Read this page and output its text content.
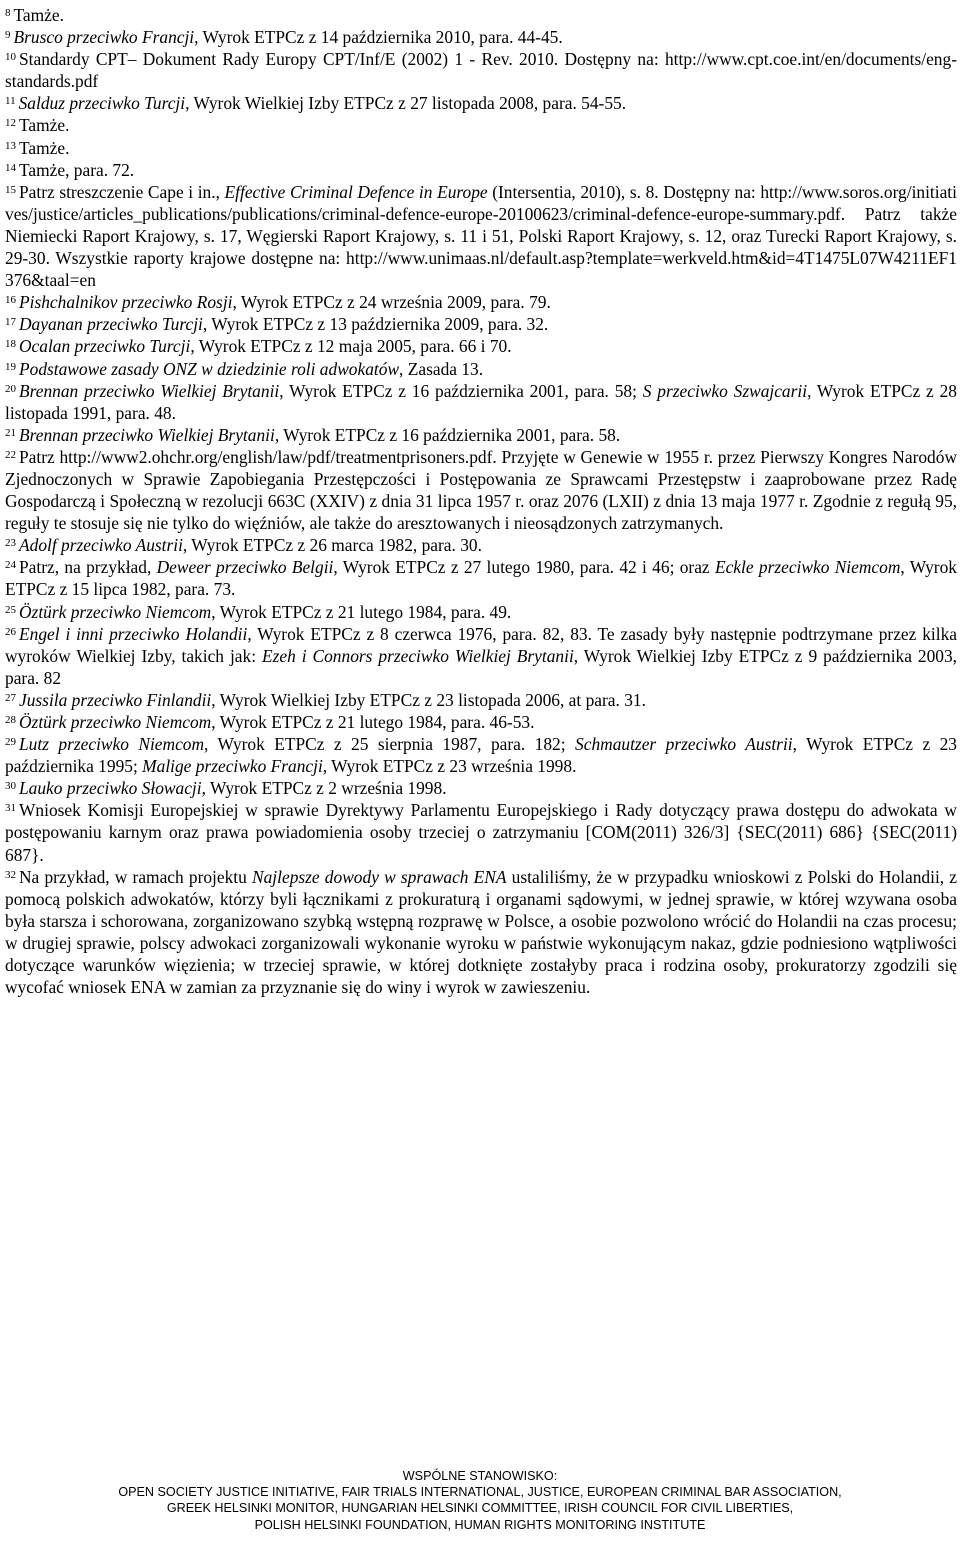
$^8$ Tamże.

$^9$ Brusco przeciwko Francji, Wyrok ETPCz z 14 października 2010, para. 44-45.

$^{10}$ Standardy CPT– Dokument Rady Europy CPT/Inf/E (2002) 1 - Rev. 2010. Dostępny na: http://www.cpt.coe.int/en/documents/eng-standards.pdf

$^{11}$ Salduz przeciwko Turcji, Wyrok Wielkiej Izby ETPCz z 27 listopada 2008, para. 54-55.

$^{12}$ Tamże.

$^{13}$ Tamże.

$^{14}$ Tamże, para. 72.

$^{15}$ Patrz streszczenie Cape i in., Effective Criminal Defence in Europe (Intersentia, 2010), s. 8. Dostępny na: http://www.soros.org/initiatives/justice/articles_publications/publications/criminal-defence-europe-20100623/criminal-defence-europe-summary.pdf. Patrz także Niemiecki Raport Krajowy, s. 17, Węgierski Raport Krajowy, s. 11 i 51, Polski Raport Krajowy, s. 12, oraz Turecki Raport Krajowy, s. 29-30. Wszystkie raporty krajowe dostępne na: http://www.unimaas.nl/default.asp?template=werkveld.htm&id=4T1475L07W4211EF1376&taal=en

$^{16}$ Pishchalnikov przeciwko Rosji, Wyrok ETPCz z 24 września 2009, para. 79.

$^{17}$ Dayanan przeciwko Turcji, Wyrok ETPCz z 13 października 2009, para. 32.

$^{18}$ Ocalan przeciwko Turcji, Wyrok ETPCz z 12 maja 2005, para. 66 i 70.

$^{19}$ Podstawowe zasady ONZ w dziedzinie roli adwokatów, Zasada 13.

$^{20}$ Brennan przeciwko Wielkiej Brytanii, Wyrok ETPCz z 16 października 2001, para. 58; S przeciwko Szwajcarii, Wyrok ETPCz z 28 listopada 1991, para. 48.

$^{21}$ Brennan przeciwko Wielkiej Brytanii, Wyrok ETPCz z 16 października 2001, para. 58.

$^{22}$ Patrz http://www2.ohchr.org/english/law/pdf/treatmentprisoners.pdf. Przyjęte w Genewie w 1955 r. przez Pierwszy Kongres Narodów Zjednoczonych w Sprawie Zapobiegania Przestępczości i Postępowania ze Sprawcami Przestępstw i zaaprobowane przez Radę Gospodarczą i Społeczną w rezolucji 663C (XXIV) z dnia 31 lipca 1957 r. oraz 2076 (LXII) z dnia 13 maja 1977 r. Zgodnie z regułą 95, reguły te stosuje się nie tylko do więźniów, ale także do aresztowanych i nieosądzonych zatrzymanych.

$^{23}$ Adolf przeciwko Austrii, Wyrok ETPCz z 26 marca 1982, para. 30.

$^{24}$ Patrz, na przykład, Deweer przeciwko Belgii, Wyrok ETPCz z 27 lutego 1980, para. 42 i 46; oraz Eckle przeciwko Niemcom, Wyrok ETPCz z 15 lipca 1982, para. 73.

$^{25}$ Öztürk przeciwko Niemcom, Wyrok ETPCz z 21 lutego 1984, para. 49.

$^{26}$ Engel i inni przeciwko Holandii, Wyrok ETPCz z 8 czerwca 1976, para. 82, 83. Te zasady były następnie podtrzymane przez kilka wyroków Wielkiej Izby, takich jak: Ezeh i Connors przeciwko Wielkiej Brytanii, Wyrok Wielkiej Izby ETPCz z 9 października 2003, para. 82

$^{27}$ Jussila przeciwko Finlandii, Wyrok Wielkiej Izby ETPCz z 23 listopada 2006, at para. 31.

$^{28}$ Öztürk przeciwko Niemcom, Wyrok ETPCz z 21 lutego 1984, para. 46-53.

$^{29}$ Lutz przeciwko Niemcom, Wyrok ETPCz z 25 sierpnia 1987, para. 182; Schmautzer przeciwko Austrii, Wyrok ETPCz z 23 października 1995; Malige przeciwko Francji, Wyrok ETPCz z 23 września 1998.

$^{30}$ Lauko przeciwko Słowacji, Wyrok ETPCz z 2 września 1998.

$^{31}$ Wniosek Komisji Europejskiej w sprawie Dyrektywy Parlamentu Europejskiego i Rady dotyczący prawa dostępu do adwokata w postępowaniu karnym oraz prawa powiadomienia osoby trzeciej o zatrzymaniu [COM(2011) 326/3] {SEC(2011) 686} {SEC(2011) 687}.

$^{32}$ Na przykład, w ramach projektu Najlepsze dowody w sprawach ENA ustaliliśmy, że w przypadku wnioskowi z Polski do Holandii, z pomocą polskich adwokatów, którzy byli łącznikami z prokuraturą i organami sądowymi, w jednej sprawie, w której wzywana osoba była starsza i schorowana, zorganizowano szybką wstępną rozprawę w Polsce, a osobie pozwolono wrócić do Holandii na czas procesu; w drugiej sprawie, polscy adwokaci zorganizowali wykonanie wyroku w państwie wykonującym nakaz, gdzie podniesiono wątpliwości dotyczące warunków więzienia; w trzeciej sprawie, w której dotknięte zostałyby praca i rodzina osoby, prokuratorzy zgodzili się wycofać wniosek ENA w zamian za przyznanie się do winy i wyrok w zawieszeniu.

WSPÓLNE STANOWISKO:
OPEN SOCIETY JUSTICE INITIATIVE, FAIR TRIALS INTERNATIONAL, JUSTICE, EUROPEAN CRIMINAL BAR ASSOCIATION,
GREEK HELSINKI MONITOR, HUNGARIAN HELSINKI COMMITTEE, IRISH COUNCIL FOR CIVIL LIBERTIES,
POLISH HELSINKI FOUNDATION, HUMAN RIGHTS MONITORING INSTITUTE
